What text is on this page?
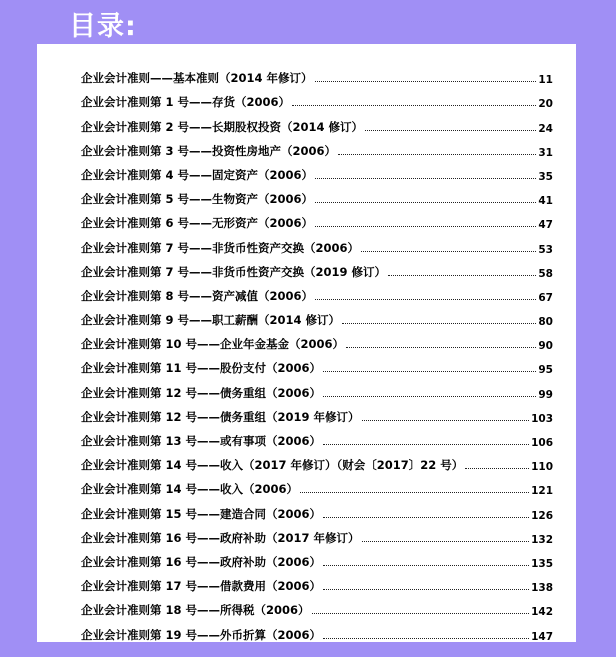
目录:
企业会计准则——基本准则（2014 年修订）	11
企业会计准则第 1 号——存货（2006）	20
企业会计准则第 2 号——长期股权投资（2014 修订）	24
企业会计准则第 3 号——投资性房地产（2006）	31
企业会计准则第 4 号——固定资产（2006）	35
企业会计准则第 5 号——生物资产（2006）	41
企业会计准则第 6 号——无形资产（2006）	47
企业会计准则第 7 号——非货币性资产交换（2006）	53
企业会计准则第 7 号——非货币性资产交换（2019 修订）	58
企业会计准则第 8 号——资产减值（2006）	67
企业会计准则第 9 号——职工薪酬（2014 修订）	80
企业会计准则第 10 号——企业年金基金（2006）	90
企业会计准则第 11 号——股份支付（2006）	95
企业会计准则第 12 号——债务重组（2006）	99
企业会计准则第 12 号——债务重组（2019 年修订）	103
企业会计准则第 13 号——或有事项（2006）	106
企业会计准则第 14 号——收入（2017 年修订）（财会〔2017〕22 号）	110
企业会计准则第 14 号——收入（2006）	121
企业会计准则第 15 号——建造合同（2006）	126
企业会计准则第 16 号——政府补助（2017 年修订）	132
企业会计准则第 16 号——政府补助（2006）	135
企业会计准则第 17 号——借款费用（2006）	138
企业会计准则第 18 号——所得税（2006）	142
企业会计准则第 19 号——外币折算（2006）	147
